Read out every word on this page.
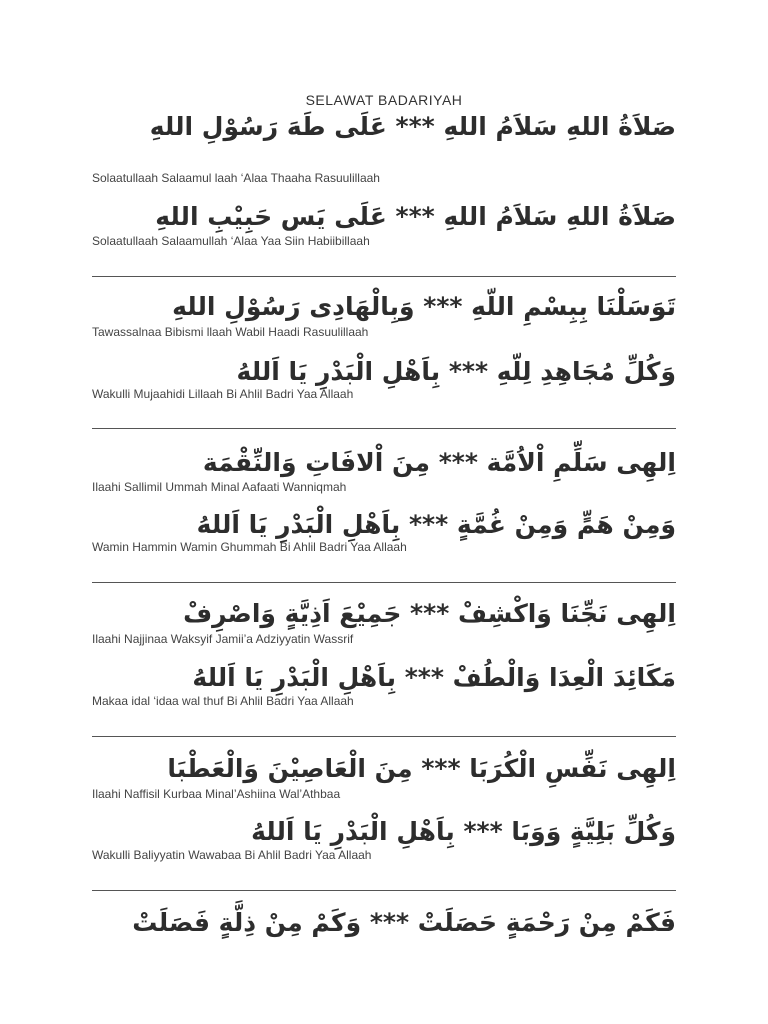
SELAWAT BADARIYAH
صَلاَةُ اللهِ سَلاَمُ اللهِ *** عَلَى طَهَ رَسُوْلِ اللهِ
Solaatullaah Salaamul laah ‘Alaa Thaaha Rasuulillaah
صَلاَةُ اللهِ سَلاَمُ اللهِ *** عَلَى يَس حَبِيْبِ اللهِ
Solaatullaah Salaamullah ‘Alaa Yaa Siin Habiibillaah
تَوَسَلْنَا بِبِسْمِ اللّهِ *** وَبِالْهَادِى رَسُوْلِ اللهِ
Tawassalnaa Bibismi llaah Wabil Haadi Rasuulillaah
وَكُلِّ مُجَاهِدِ لِلّهِ *** بِاَهْلِ الْبَدْرِ يَا اَللهُ
Wakulli Mujaahidi Lillaah Bi Ahlil Badri Yaa Allaah
اِلهِى سَلِّمِ اْلاُمَّة *** مِنَ اْلافَاتِ وَالنِّقْمَة
Ilaahi Sallimil Ummah Minal Aafaati Wanniqmah
وَمِنْ هَمٍّ وَمِنْ غُمَّةٍ *** بِاَهْلِ الْبَدْرِ يَا اَللهُ
Wamin Hammin Wamin Ghummah Bi Ahlil Badri Yaa Allaah
اِلهِى نَجِّنَا وَاكْشِفْ *** جَمِيْعَ اَذِيَّةٍ وَاصْرِفْ
Ilaahi Najjinaa Waksyif Jamii’a Adziyyatin Wassrif
مَكَائِدَ الْعِدَا وَالْطُفْ *** بِاَهْلِ الْبَدْرِ يَا اَللهُ
Makaa idal ‘idaa wal thuf Bi Ahlil Badri Yaa Allaah
اِلهِى نَفِّسِ الْكُرَبَا *** مِنَ الْعَاصِيْنَ وَالْعَطْبَا
Ilaahi Naffisil Kurbaa Minal’Ashiina Wal’Athbaa
وَكُلِّ بَلِيَّةٍ وَوَبَا *** بِاَهْلِ الْبَدْرِ يَا اَللهُ
Wakulli Baliyyatin Wawabaa Bi Ahlil Badri Yaa Allaah
فَكَمْ مِنْ رَحْمَةٍ حَصَلَتْ *** وَكَمْ مِنْ ذِلَّةٍ فَصَلَتْ
